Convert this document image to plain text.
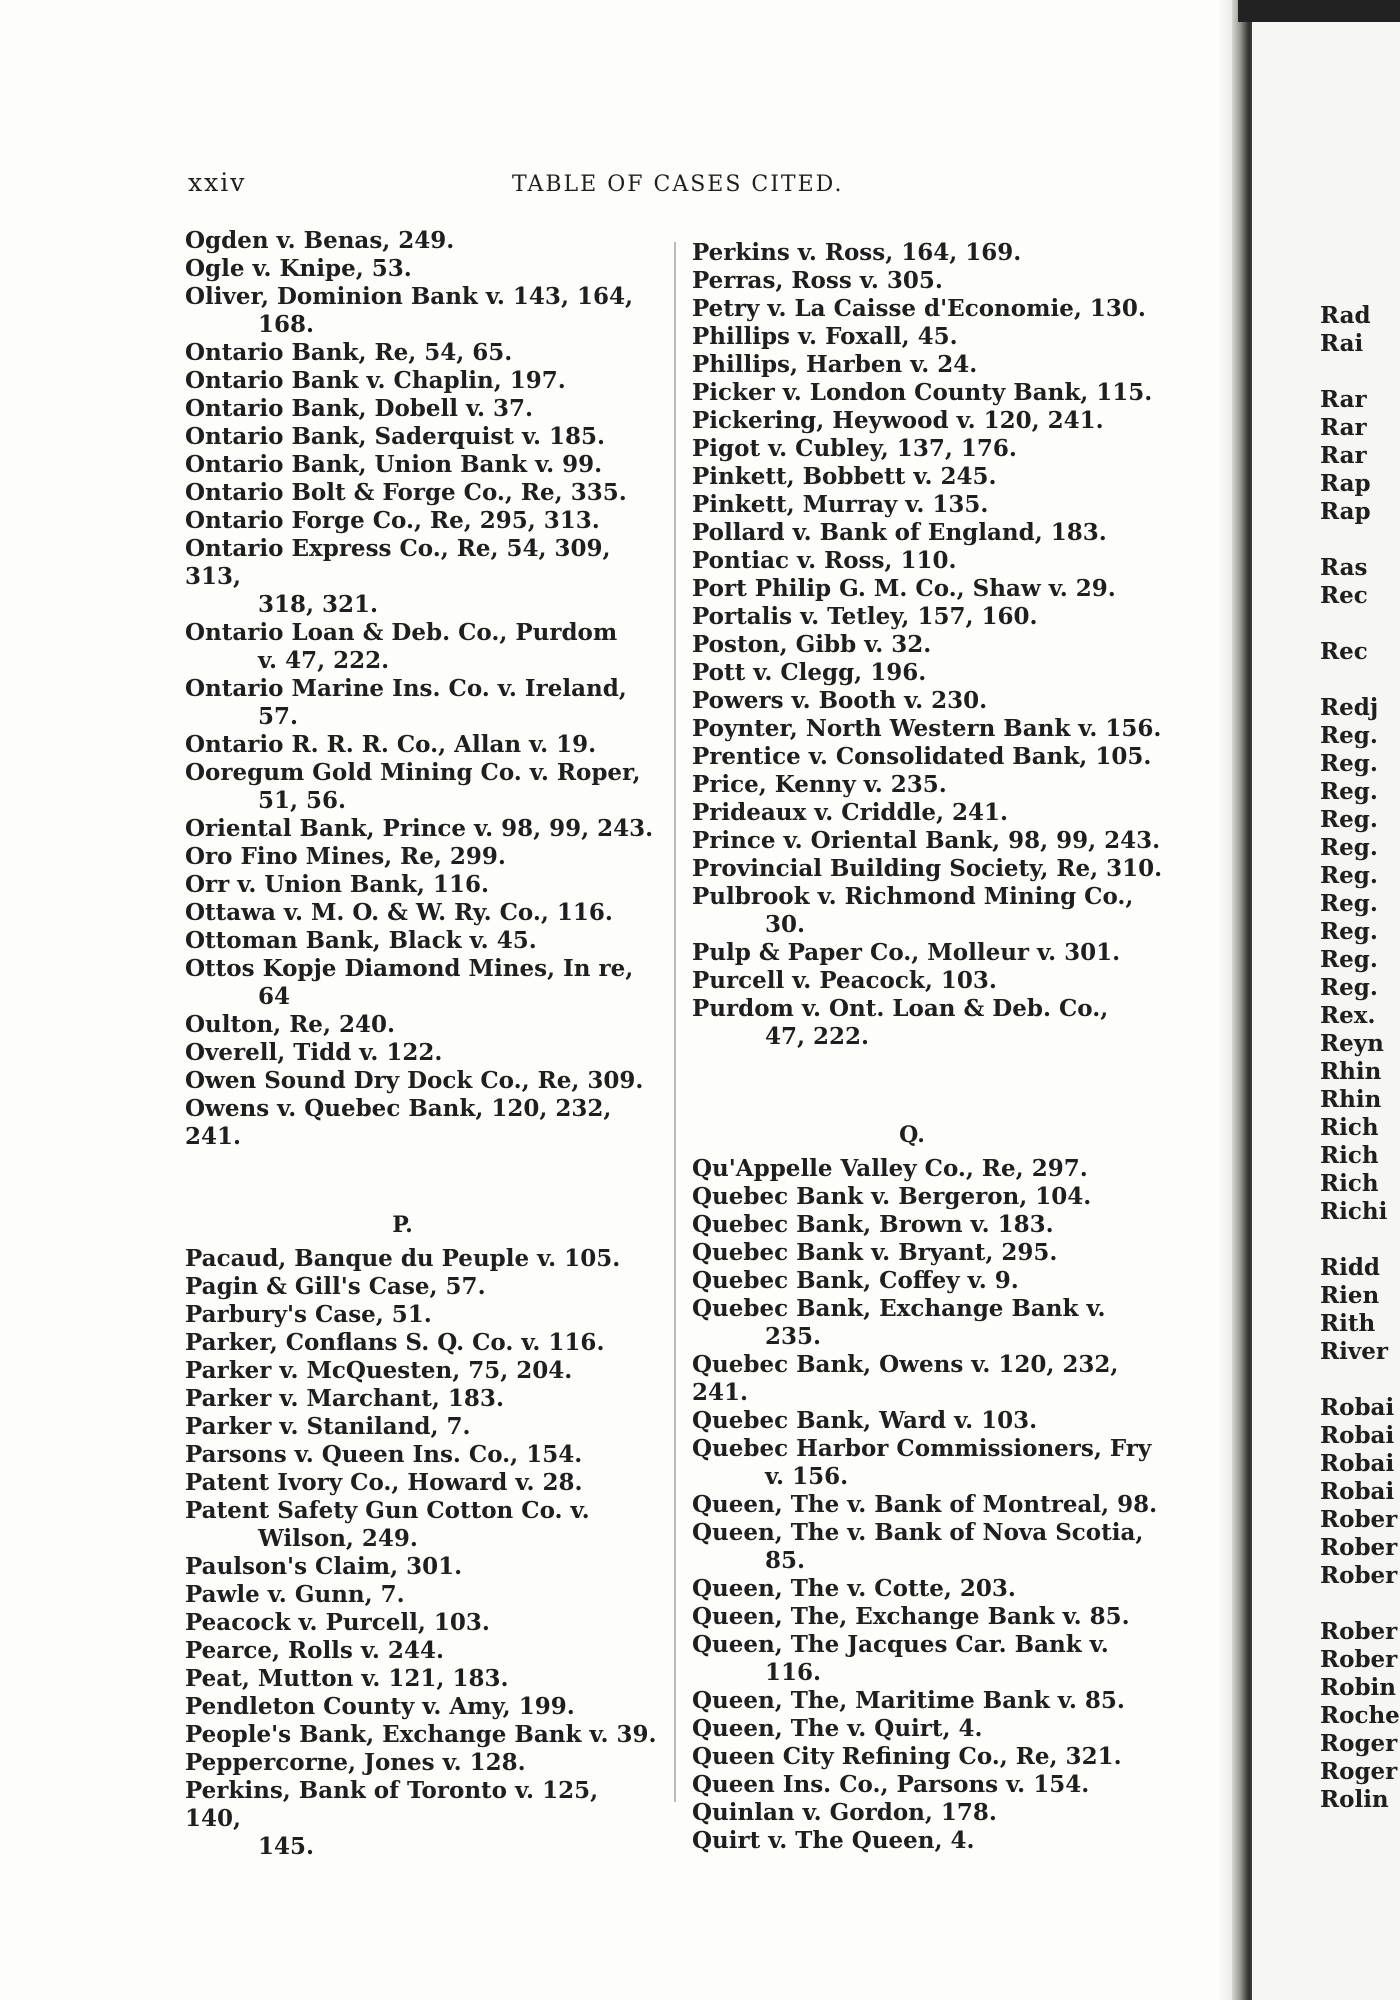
xxiv	TABLE OF CASES CITED.
Ogden v. Benas, 249.
Ogle v. Knipe, 53.
Oliver, Dominion Bank v. 143, 164,
168.
Ontario Bank, Re, 54, 65.
Ontario Bank v. Chaplin, 197.
Ontario Bank, Dobell v. 37.
Ontario Bank, Saderquist v. 185.
Ontario Bank, Union Bank v. 99.
Ontario Bolt & Forge Co., Re, 335.
Ontario Forge Co., Re, 295, 313.
Ontario Express Co., Re, 54, 309, 313,
318, 321.
Ontario Loan & Deb. Co., Purdom
v. 47, 222.
Ontario Marine Ins. Co. v. Ireland,
57.
Ontario R. R. R. Co., Allan v. 19.
Ooregum Gold Mining Co. v. Roper,
51, 56.
Oriental Bank, Prince v. 98, 99, 243.
Oro Fino Mines, Re, 299.
Orr v. Union Bank, 116.
Ottawa v. M. O. & W. Ry. Co., 116.
Ottoman Bank, Black v. 45.
Ottos Kopje Diamond Mines, In re,
64
Oulton, Re, 240.
Overell, Tidd v. 122.
Owen Sound Dry Dock Co., Re, 309.
Owens v. Quebec Bank, 120, 232, 241.
P.
Pacaud, Banque du Peuple v. 105.
Pagin & Gill's Case, 57.
Parbury's Case, 51.
Parker, Conflans S. Q. Co. v. 116.
Parker v. McQuesten, 75, 204.
Parker v. Marchant, 183.
Parker v. Staniland, 7.
Parsons v. Queen Ins. Co., 154.
Patent Ivory Co., Howard v. 28.
Patent Safety Gun Cotton Co. v.
Wilson, 249.
Paulson's Claim, 301.
Pawle v. Gunn, 7.
Peacock v. Purcell, 103.
Pearce, Rolls v. 244.
Peat, Mutton v. 121, 183.
Pendleton County v. Amy, 199.
People's Bank, Exchange Bank v. 39.
Peppercorne, Jones v. 128.
Perkins, Bank of Toronto v. 125, 140,
145.
Perkins v. Ross, 164, 169.
Perras, Ross v. 305.
Petry v. La Caisse d'Economie, 130.
Phillips v. Foxall, 45.
Phillips, Harben v. 24.
Picker v. London County Bank, 115.
Pickering, Heywood v. 120, 241.
Pigot v. Cubley, 137, 176.
Pinkett, Bobbett v. 245.
Pinkett, Murray v. 135.
Pollard v. Bank of England, 183.
Pontiac v. Ross, 110.
Port Philip G. M. Co., Shaw v. 29.
Portalis v. Tetley, 157, 160.
Poston, Gibb v. 32.
Pott v. Clegg, 196.
Powers v. Booth v. 230.
Poynter, North Western Bank v. 156.
Prentice v. Consolidated Bank, 105.
Price, Kenny v. 235.
Prideaux v. Criddle, 241.
Prince v. Oriental Bank, 98, 99, 243.
Provincial Building Society, Re, 310.
Pulbrook v. Richmond Mining Co.,
30.
Pulp & Paper Co., Molleur v. 301.
Purcell v. Peacock, 103.
Purdom v. Ont. Loan & Deb. Co.,
47, 222.
Q.
Qu'Appelle Valley Co., Re, 297.
Quebec Bank v. Bergeron, 104.
Quebec Bank, Brown v. 183.
Quebec Bank v. Bryant, 295.
Quebec Bank, Coffey v. 9.
Quebec Bank, Exchange Bank v.
235.
Quebec Bank, Owens v. 120, 232, 241.
Quebec Bank, Ward v. 103.
Quebec Harbor Commissioners, Fry
v. 156.
Queen, The v. Bank of Montreal, 98.
Queen, The v. Bank of Nova Scotia,
85.
Queen, The v. Cotte, 203.
Queen, The, Exchange Bank v. 85.
Queen, The Jacques Car. Bank v.
116.
Queen, The, Maritime Bank v. 85.
Queen, The v. Quirt, 4.
Queen City Refining Co., Re, 321.
Queen Ins. Co., Parsons v. 154.
Quinlan v. Gordon, 178.
Quirt v. The Queen, 4.
Rad
Rai

Rar
Rar
Rar
Rap
Rap

Ras
Rec

Rec

Redj
Reg.
Reg.
Reg.
Reg.
Reg.
Reg.
Reg.
Reg.
Reg.
Reg.
Rex.
Reyn
Rhin
Rhin
Rich
Rich
Rich
Richi

Ridd
Rien
Rith
River

Robai
Robai
Robai
Robai
Rober
Rober
Rober

Rober
Rober
Robin
Roche
Roger
Roger
Rolin
